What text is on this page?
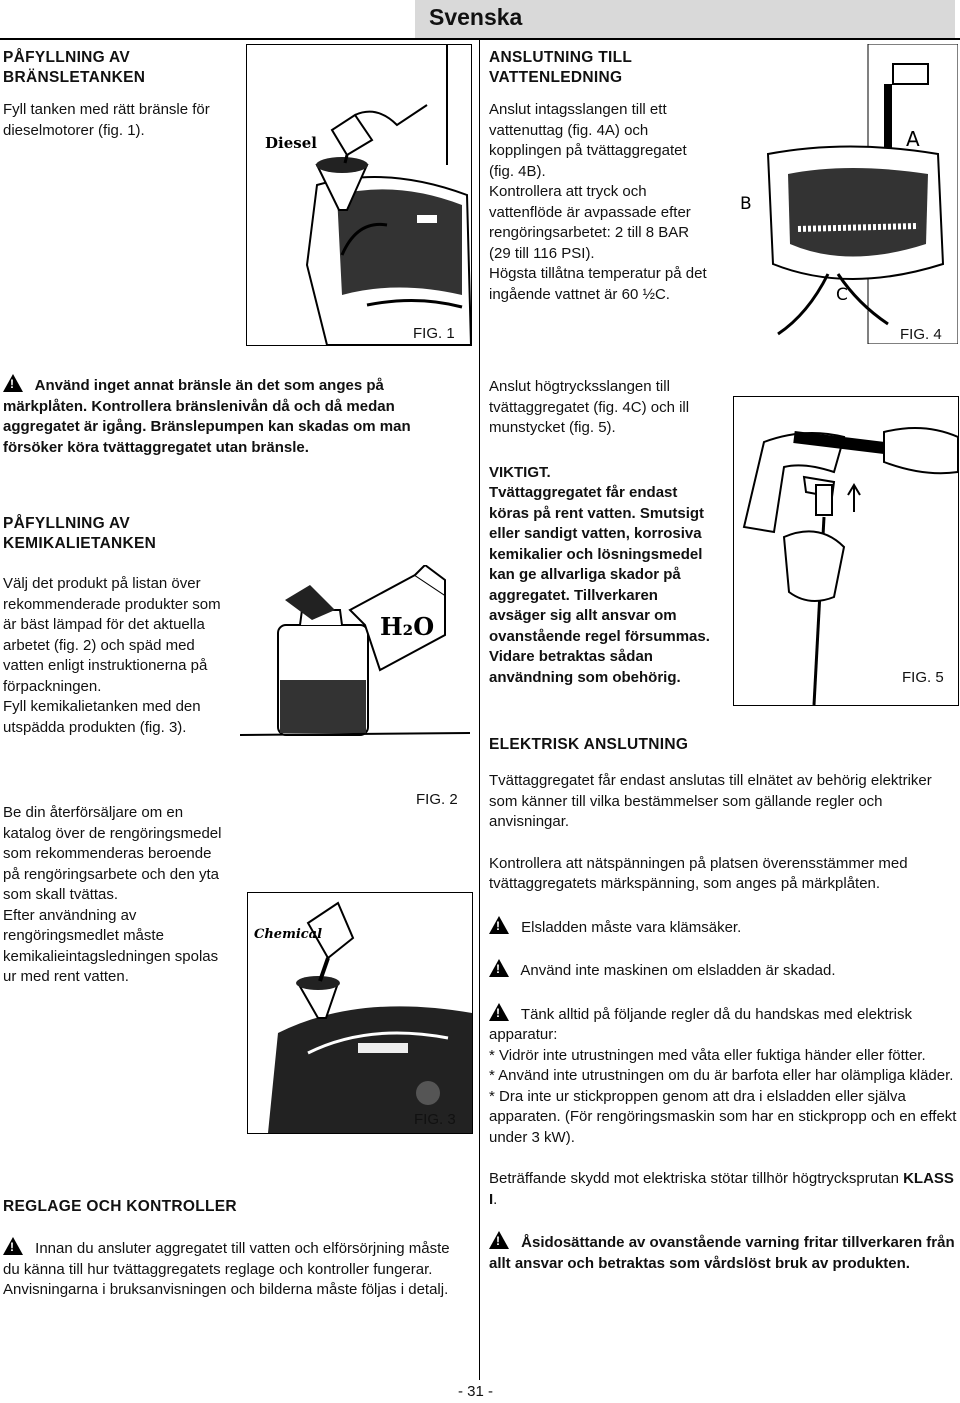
Svenska

PÅFYLLNING AV BRÄNSLETANKEN

Fyll tanken med rätt bränsle för dieselmotorer (fig. 1).

Diesel
FIG. 1

! Använd inget annat bränsle än det som anges på märkplåten. Kontrollera bränslenivån då och då medan aggregatet är igång. Bränslepumpen kan skadas om man försöker köra tvättaggregatet utan bränsle.

PÅFYLLNING AV KEMIKALIETANKEN

Välj det produkt på listan över rekommenderade produkter som är bäst lämpad för det aktuella arbetet (fig. 2) och späd med vatten enligt instruktionerna på förpackningen.

Fyll kemikalietanken med den utspädda produkten (fig. 3).

H₂O
FIG. 2

Be din återförsäljare om en katalog över de rengöringsmedel som rekommenderas beroende på rengöringsarbete och den yta som skall tvättas.

Efter användning av rengöringsmedlet måste kemikalieintagsledningen spolas ur med rent vatten.

Chemical
FIG. 3

REGLAGE OCH KONTROLLER

! Innan du ansluter aggregatet till vatten och elförsörjning måste du känna till hur tvättaggregatets reglage och kontroller fungerar.

Anvisningarna i bruksanvisningen och bilderna måste följas i detalj.

ANSLUTNING TILL VATTENLEDNING

Anslut intagsslangen till ett vattenuttag (fig. 4A) och kopplingen på tvättaggregatet (fig. 4B).

Kontrollera att tryck och vattenflöde är avpassade efter rengöringsarbetet: 2 till 8 BAR (29 till 116 PSI).

Högsta tillåtna temperatur på det ingående vattnet är 60 ½C.

A
B
C
FIG. 4

Anslut högtrycksslangen till tvättaggregatet (fig. 4C) och ill munstycket (fig. 5).

VIKTIGT.

Tvättaggregatet får endast köras på rent vatten. Smutsigt eller sandigt vatten, korrosiva kemikalier och lösningsmedel kan ge allvarliga skador på aggregatet. Tillverkaren avsäger sig allt ansvar om ovanstående regel försummas. Vidare betraktas sådan användning som obehörig.	FIG. 5

ELEKTRISK ANSLUTNING

Tvättaggregatet får endast anslutas till elnätet av behörig elektriker som känner till vilka bestämmelser som gällande regler och anvisningar.

Kontrollera att nätspänningen på platsen överensstämmer med tvättaggregatets märkspänning, som anges på märkplåten.

! Elsladden måste vara klämsäker.

! Använd inte maskinen om elsladden är skadad.

! Tänk alltid på följande regler då du handskas med elektrisk apparatur:

* Vidrör inte utrustningen med våta eller fuktiga händer eller fötter.

* Använd inte utrustningen om du är barfota eller har olämpliga kläder.

* Dra inte ur stickproppen genom att dra i elsladden eller själva apparaten. (För rengöringsmaskin som har en stickpropp och en effekt under 3 kW).

Beträffande skydd mot elektriska stötar tillhör högtrycksprutan KLASS I.

! Åsidosättande av ovanstående varning fritar tillverkaren från allt ansvar och betraktas som vårdslöst bruk av produkten.

- 31 -
